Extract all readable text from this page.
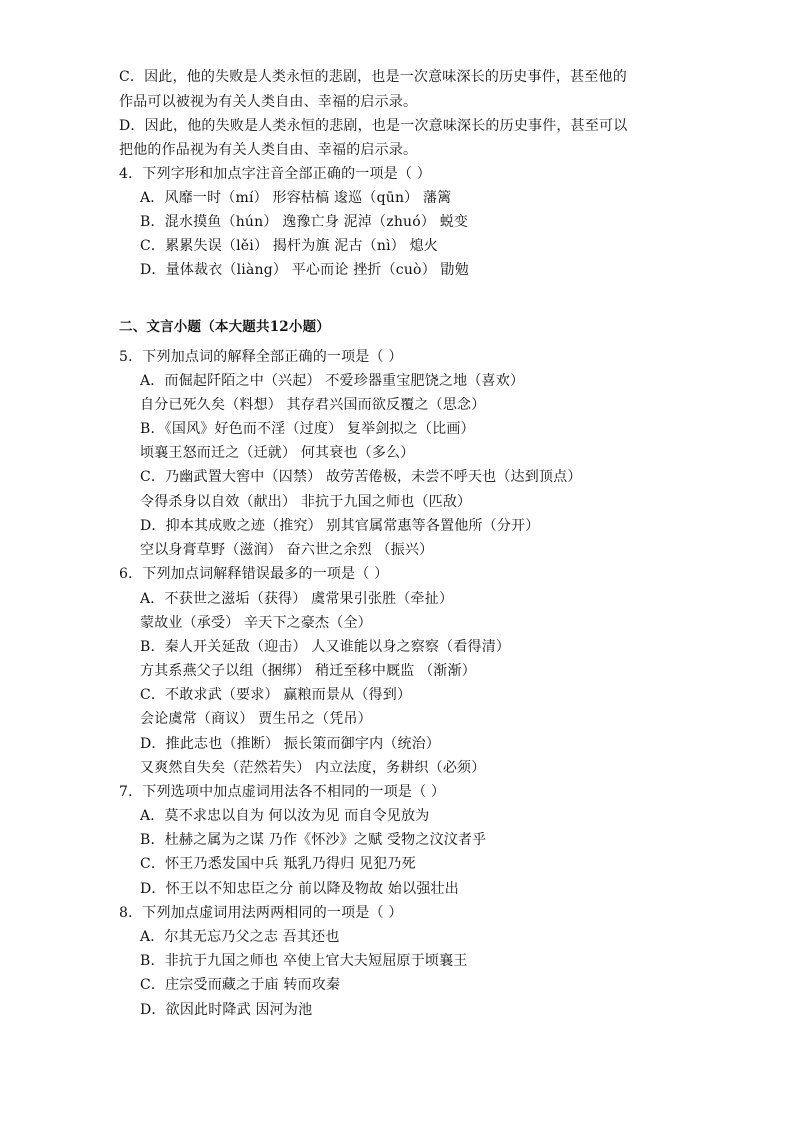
C．因此，他的失败是人类永恒的悲剧，也是一次意味深长的历史事件，甚至他的
作品可以被视为有关人类自由、幸福的启示录。
D．因此，他的失败是人类永恒的悲剧，也是一次意味深长的历史事件，甚至可以
把他的作品视为有关人类自由、幸福的启示录。
4．下列字形和加点字注音全部正确的一项是（ ）
A．风靡一时（mí） 形容枯槁 逡巡（qūn） 藩篱
B．混水摸鱼（hún） 逸豫亡身 泥淖（zhuó） 蜕变
C．累累失误（lěi） 揭杆为旗 泥古（nì） 熄火
D．量体裁衣（liàng） 平心而论 挫折（cuò） 勖勉
二、文言小题（本大题共12小题）
5．下列加点词的解释全部正确的一项是（ ）
A．而倔起阡陌之中（兴起） 不爱珍器重宝肥饶之地（喜欢）
自分已死久矣（料想） 其存君兴国而欲反覆之（思念）
B．《国风》好色而不淫（过度） 复举剑拟之（比画）
顷襄王怒而迁之（迁就） 何其衰也（多么）
C．乃幽武置大窖中（囚禁） 故劳苦倦极，未尝不呼天也（达到顶点）
令得杀身以自效（献出） 非抗于九国之师也（匹敌）
D．抑本其成败之迹（推究） 别其官属常惠等各置他所（分开）
空以身膏草野（滋润） 奋六世之余烈 （振兴）
6．下列加点词解释错误最多的一项是（ ）
A．不获世之滋垢（获得） 虞常果引张胜（牵扯）
蒙故业（承受） 辛天下之豪杰（全）
B．秦人开关延敌（迎击） 人又谁能以身之察察（看得清）
方其系燕父子以组（捆绑） 稍迁至移中厩监 （渐渐）
C．不敢求武（要求） 赢粮而景从（得到）
会论虞常（商议） 贾生吊之（凭吊）
D．推此志也（推断） 振长策而御宇内（统治）
又爽然自失矣（茫然若失） 内立法度，务耕织（必须）
7．下列选项中加点虚词用法各不相同的一项是（ ）
A．莫不求忠以自为 何以汝为见 而自令见放为
B．杜赫之属为之谋 乃作《怀沙》之赋 受物之汶汶者乎
C．怀王乃悉发国中兵 羝乳乃得归 见犯乃死
D．怀王以不知忠臣之分 前以降及物故 始以强壮出
8．下列加点虚词用法两两相同的一项是（ ）
A．尔其无忘乃父之志 吾其还也
B．非抗于九国之师也 卒使上官大夫短屈原于顷襄王
C．庄宗受而藏之于庙 转而攻秦
D．欲因此时降武 因河为池
